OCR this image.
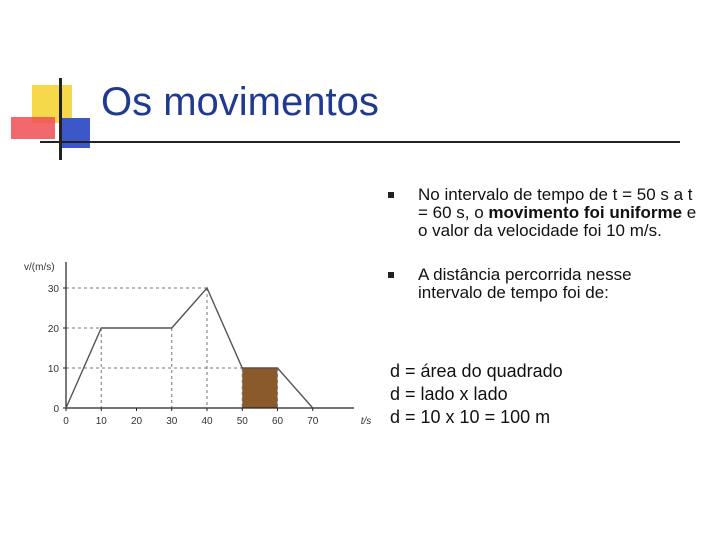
Os movimentos
0	10 20 30 40 50 60 70
0
10
20
30
v/(m/s)
t/s
No intervalo de tempo de t = 50 s a t = 60 s, o movimento foi uniforme e o valor da velocidade foi 10 m/s.
A distância percorrida nesse intervalo de tempo foi de:
d = área do quadrado
d = lado x lado
d = 10 x 10 = 100 m
